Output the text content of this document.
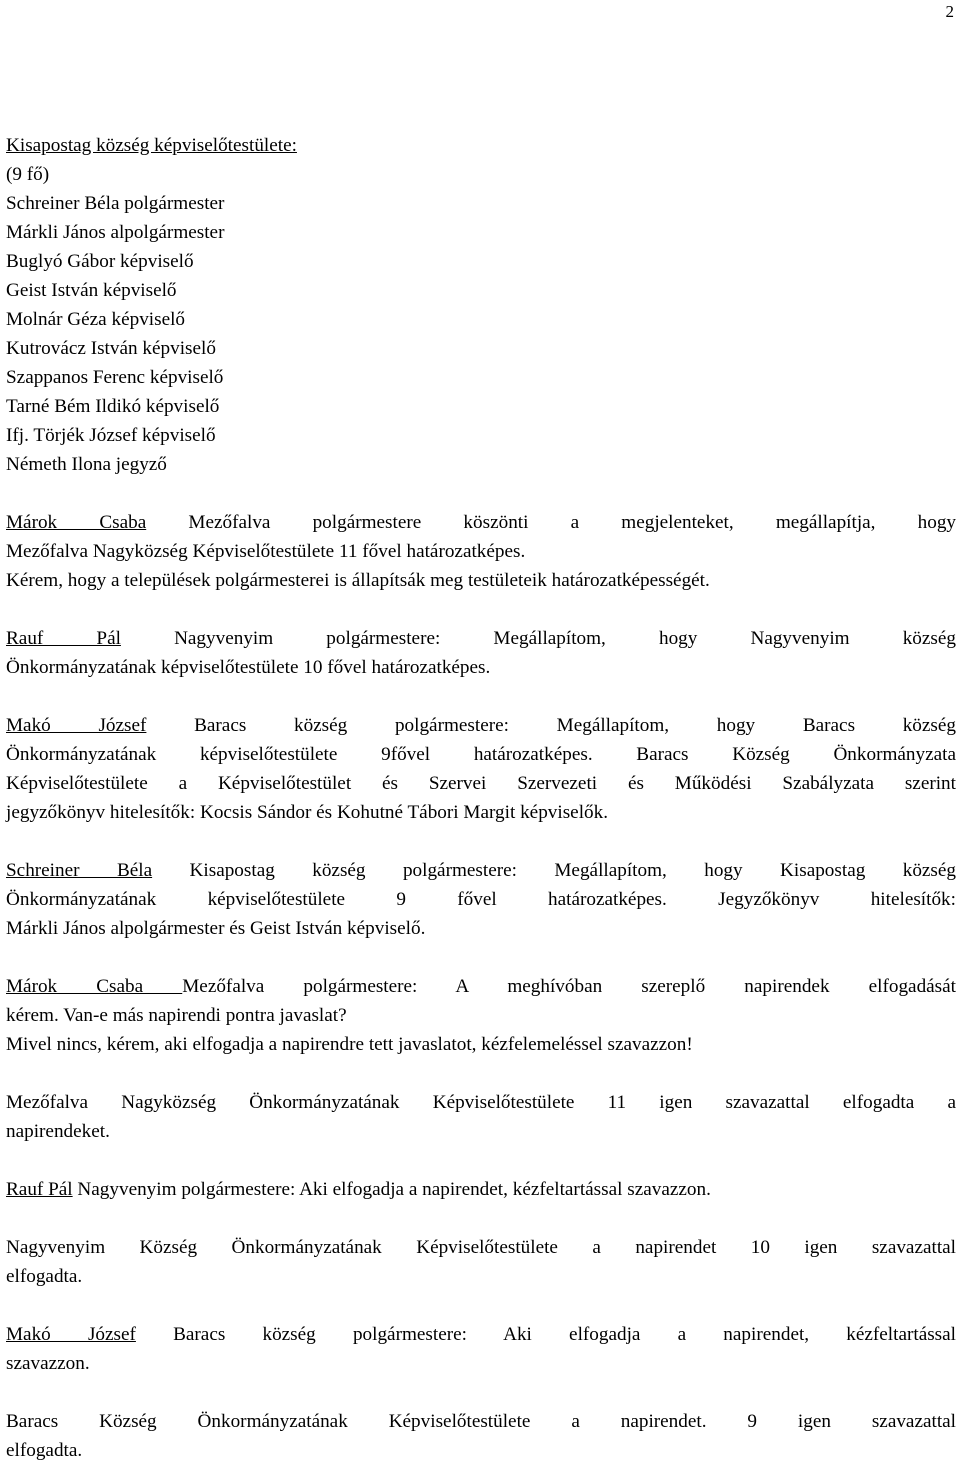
2
Kisapostag község képviselőtestülete:
(9 fő)
Schreiner Béla polgármester
Márkli János alpolgármester
Buglyó Gábor képviselő
Geist István képviselő
Molnár Géza képviselő
Kutrovácz István képviselő
Szappanos Ferenc képviselő
Tarné Bém Ildikó képviselő
Ifj. Törjék József képviselő
Németh Ilona jegyző
Márok Csaba Mezőfalva polgármestere köszönti a megjelenteket, megállapítja, hogy
Mezőfalva Nagyközség Képviselőtestülete 11 fővel határozatképes.
Kérem, hogy a települések polgármesterei is állapítsák meg testületeik határozatképességét.
Rauf Pál	Nagyvenyim polgármestere: Megállapítom, hogy Nagyvenyim község
Önkormányzatának képviselőtestülete 10 fővel határozatképes.
Makó József Baracs község polgármestere: Megállapítom, hogy Baracs község
Önkormányzatának képviselőtestülete 9fővel határozatképes. Baracs Község Önkormányzata
Képviselőtestülete a Képviselőtestület és Szervei Szervezeti és Működési Szabályzata szerint
jegyzőkönyv hitelesítők: Kocsis Sándor és Kohutné Tábori Margit képviselők.
Schreiner Béla Kisapostag község polgármestere: Megállapítom, hogy Kisapostag község
Önkormányzatának képviselőtestülete 9 fővel határozatképes. Jegyzőkönyv hitelesítők:
Márkli János alpolgármester és Geist István képviselő.
Márok Csaba Mezőfalva polgármestere: A meghívóban szereplő napirendek elfogadását
kérem. Van-e más napirendi pontra javaslat?
Mivel nincs, kérem, aki elfogadja a napirendre tett javaslatot, kézfelemeléssel szavazzon!
Mezőfalva Nagyközség Önkormányzatának Képviselőtestülete 11 igen szavazattal elfogadta a
napirendeket.
Rauf Pál Nagyvenyim polgármestere: Aki elfogadja a napirendet, kézfeltartással szavazzon.
Nagyvenyim Község Önkormányzatának Képviselőtestülete a napirendet 10 igen szavazattal
elfogadta.
Makó József Baracs község polgármestere: Aki elfogadja a napirendet, kézfeltartással
szavazzon.
Baracs Község Önkormányzatának Képviselőtestülete a napirendet. 9 igen szavazattal
elfogadta.
